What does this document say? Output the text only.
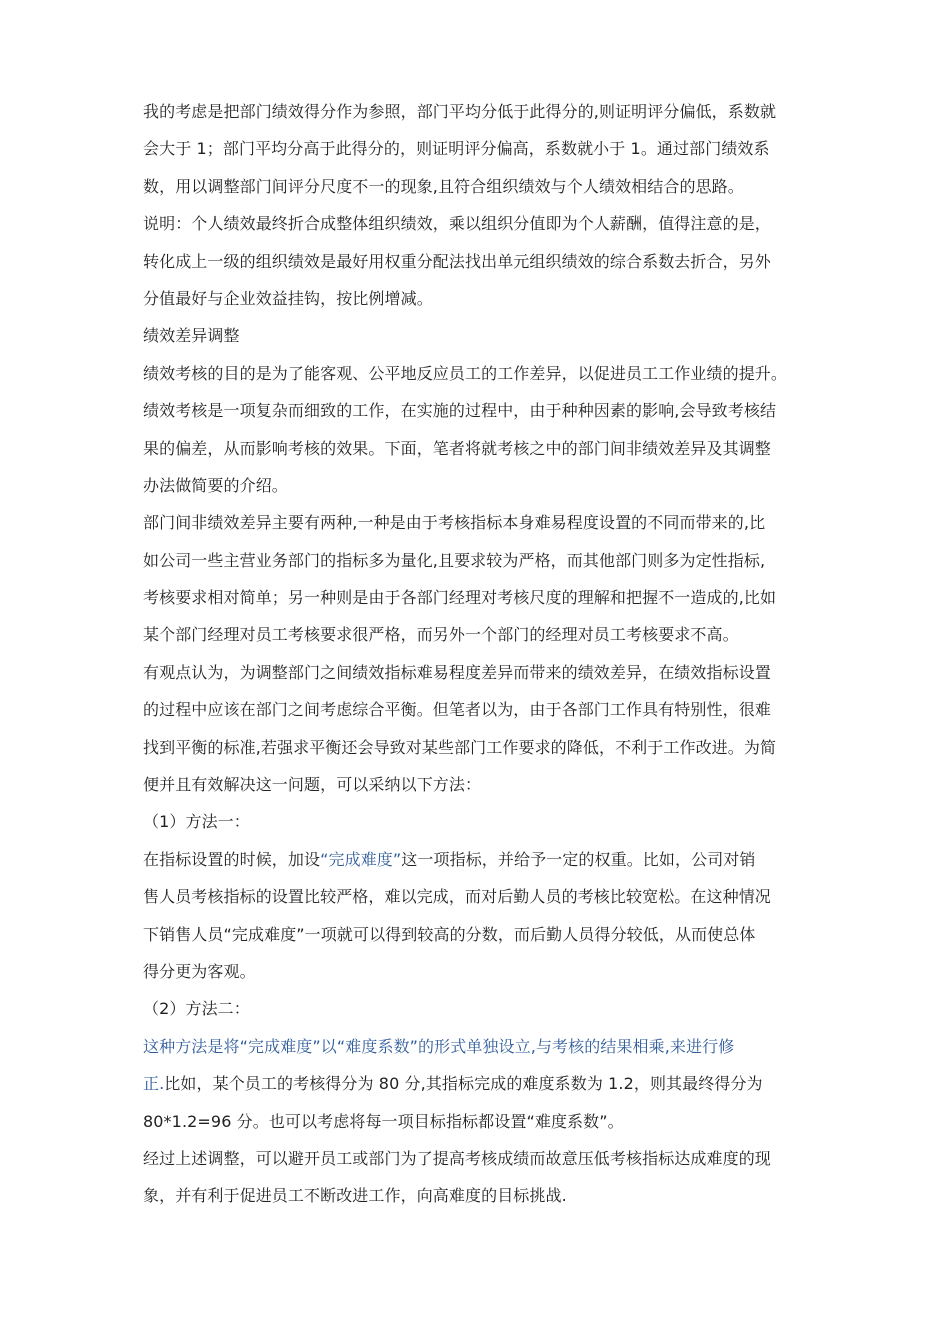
我的考虑是把部门绩效得分作为参照，部门平均分低于此得分的,则证明评分偏低，系数就
会大于 1；部门平均分高于此得分的，则证明评分偏高，系数就小于 1。通过部门绩效系
数，用以调整部门间评分尺度不一的现象,且符合组织绩效与个人绩效相结合的思路。
说明：个人绩效最终折合成整体组织绩效，乘以组织分值即为个人薪酬，值得注意的是，
转化成上一级的组织绩效是最好用权重分配法找出单元组织绩效的综合系数去折合，另外
分值最好与企业效益挂钩，按比例增减。
绩效差异调整
绩效考核的目的是为了能客观、公平地反应员工的工作差异，以促进员工工作业绩的提升。
绩效考核是一项复杂而细致的工作，在实施的过程中，由于种种因素的影响,会导致考核结
果的偏差，从而影响考核的效果。下面，笔者将就考核之中的部门间非绩效差异及其调整
办法做简要的介绍。
部门间非绩效差异主要有两种,一种是由于考核指标本身难易程度设置的不同而带来的,比
如公司一些主营业务部门的指标多为量化,且要求较为严格，而其他部门则多为定性指标,
考核要求相对简单；另一种则是由于各部门经理对考核尺度的理解和把握不一造成的,比如
某个部门经理对员工考核要求很严格，而另外一个部门的经理对员工考核要求不高。
有观点认为，为调整部门之间绩效指标难易程度差异而带来的绩效差异，在绩效指标设置
的过程中应该在部门之间考虑综合平衡。但笔者以为，由于各部门工作具有特别性，很难
找到平衡的标准,若强求平衡还会导致对某些部门工作要求的降低，不利于工作改进。为简
便并且有效解决这一问题，可以采纳以下方法：
（1）方法一：
在指标设置的时候，加设“完成难度”这一项指标，并给予一定的权重。比如，公司对销
售人员考核指标的设置比较严格，难以完成，而对后勤人员的考核比较宽松。在这种情况
下销售人员“完成难度”一项就可以得到较高的分数，而后勤人员得分较低，从而使总体
得分更为客观。
（2）方法二：
这种方法是将“完成难度”以“难度系数”的形式单独设立,与考核的结果相乘,来进行修
正.比如，某个员工的考核得分为 80 分,其指标完成的难度系数为 1.2，则其最终得分为
80*1.2=96 分。也可以考虑将每一项目标指标都设置“难度系数”。
经过上述调整，可以避开员工或部门为了提高考核成绩而故意压低考核指标达成难度的现
象，并有利于促进员工不断改进工作，向高难度的目标挑战.
